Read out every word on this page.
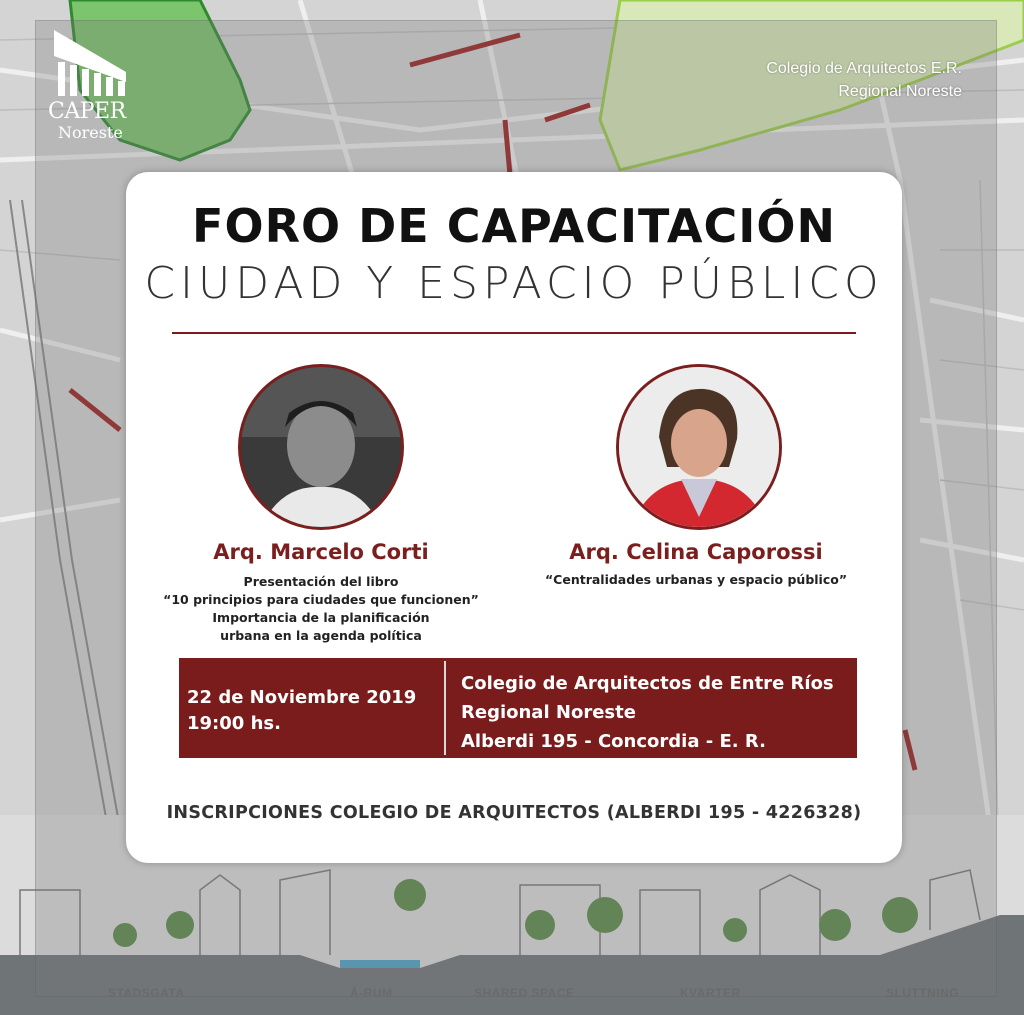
CAPER
Noreste
Colegio de Arquitectos E.R.
Regional Noreste
FORO DE CAPACITACIÓN
CIUDAD Y ESPACIO PÚBLICO
Arq. Marcelo Corti
Presentación del libro
“10 principios para ciudades que funcionen”
Importancia de la planificación
urbana en la agenda política
Arq. Celina Caporossi
“Centralidades urbanas y espacio público”
22 de Noviembre 2019
19:00 hs.
Colegio de Arquitectos de Entre Ríos
Regional Noreste
Alberdi 195 - Concordia - E. R.
INSCRIPCIONES COLEGIO DE ARQUITECTOS (ALBERDI 195 - 4226328)
STADSGATA	Å-RUM	SHARED SPACE	KVARTER	SLUTTNING
